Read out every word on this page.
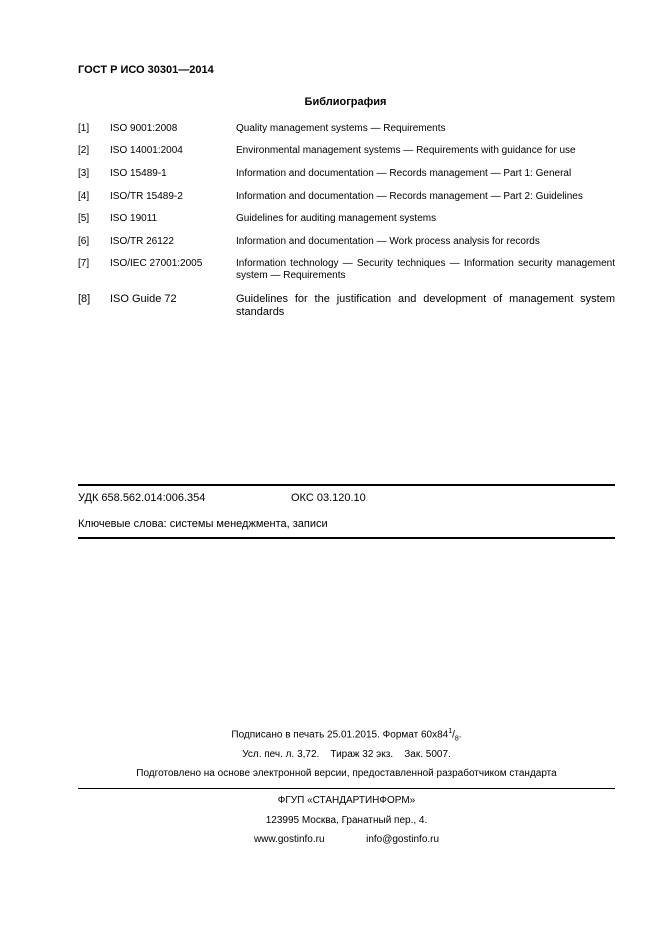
ГОСТ Р ИСО 30301—2014
Библиография
[1] ISO 9001:2008	Quality management systems — Requirements
[2] ISO 14001:2004	Environmental management systems — Requirements with guidance for use
[3] ISO 15489-1	Information and documentation — Records management — Part 1: General
[4] ISO/TR 15489-2	Information and documentation — Records management — Part 2: Guidelines
[5] ISO 19011	Guidelines for auditing management systems
[6] ISO/TR 26122	Information and documentation — Work process analysis for records
[7] ISO/IEC 27001:2005	Information technology — Security techniques — Information security management system — Requirements
[8] ISO Guide 72	Guidelines for the justification and development of management system standards
УДК 658.562.014:006.354	ОКС 03.120.10
Ключевые слова: системы менеджмента, записи
Подписано в печать 25.01.2015. Формат $60x84^1/_8$.
Усл. печ. л. 3,72.    Тираж 32 экз.    Зак. 5007.
Подготовлено на основе электронной версии, предоставленной разработчиком стандарта
ФГУП «СТАНДАРТИНФОРМ»
123995 Москва, Гранатный пер., 4.
www.gostinfo.ru	info@gostinfo.ru
